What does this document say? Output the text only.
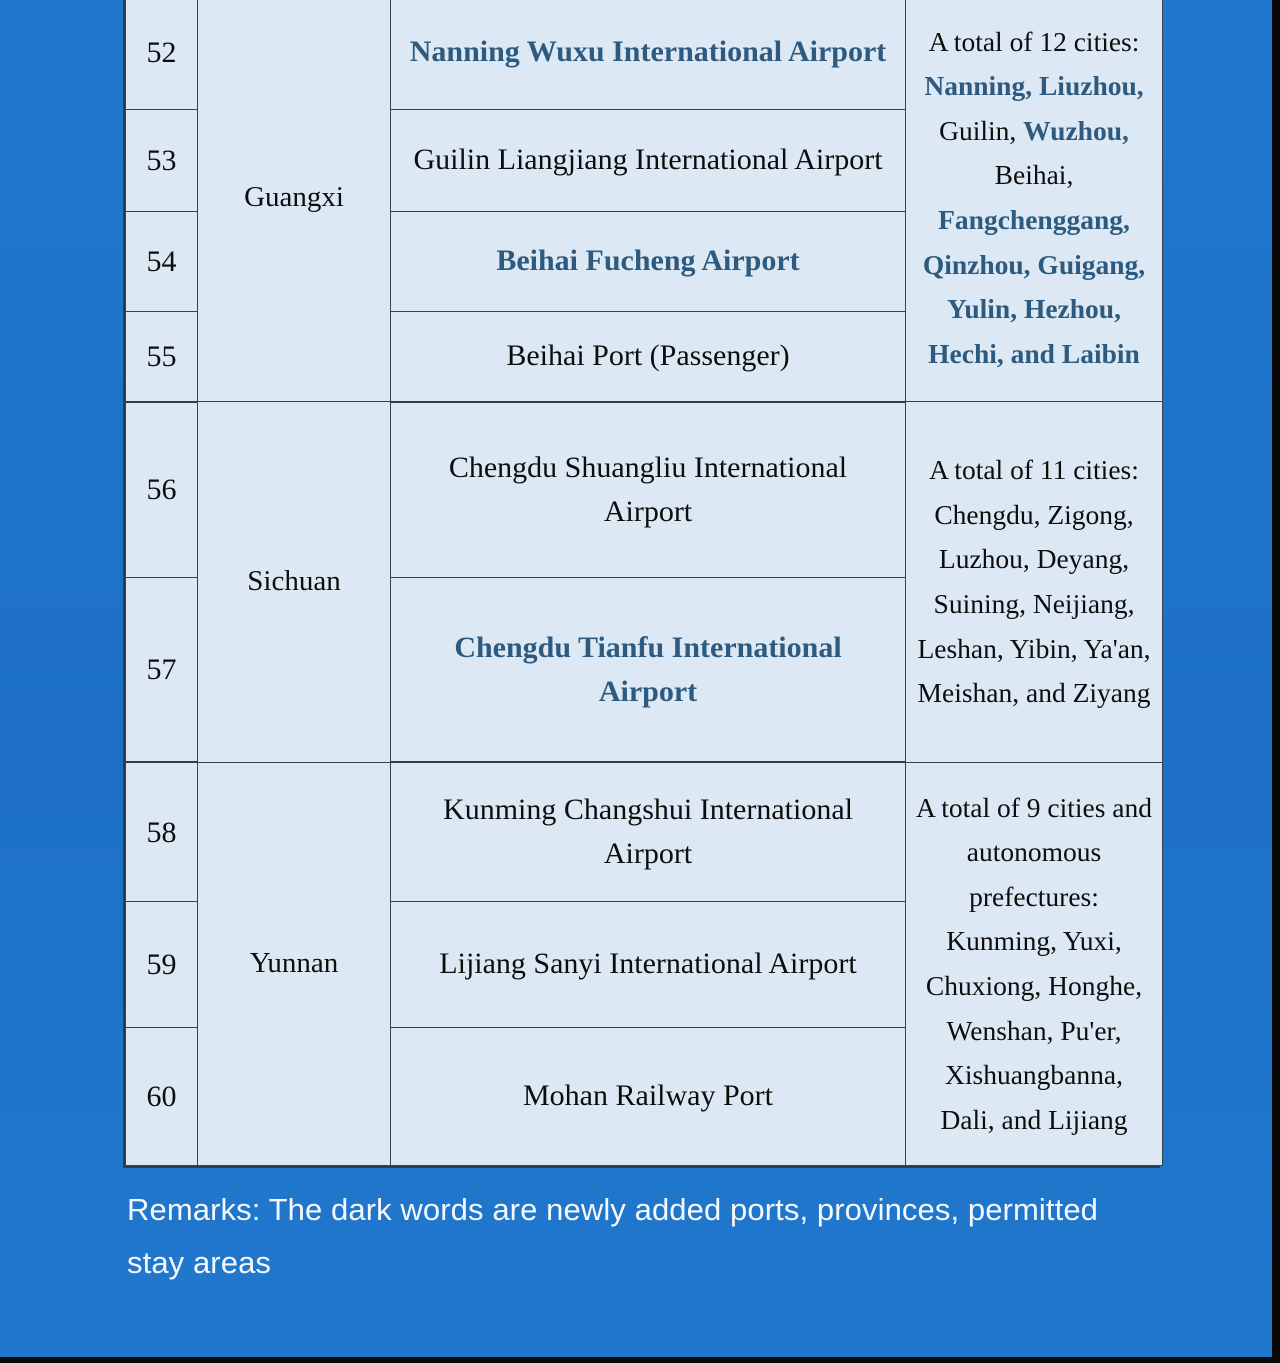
52	Guangxi	Nanning Wuxu International Airport	A total of 12 cities: Nanning, Liuzhou, Guilin, Wuzhou, Beihai, Fangchenggang, Qinzhou, Guigang, Yulin, Hezhou, Hechi, and Laibin
53		Guilin Liangjiang International Airport	
54		Beihai Fucheng Airport	
55		Beihai Port (Passenger)	
56	Sichuan	Chengdu Shuangliu International Airport	A total of 11 cities: Chengdu, Zigong, Luzhou, Deyang, Suining, Neijiang, Leshan, Yibin, Ya'an, Meishan, and Ziyang
57		Chengdu Tianfu International Airport	
58	Yunnan	Kunming Changshui International Airport	A total of 9 cities and autonomous prefectures: Kunming, Yuxi, Chuxiong, Honghe, Wenshan, Pu'er, Xishuangbanna, Dali, and Lijiang
59		Lijiang Sanyi International Airport	
60		Mohan Railway Port	
Remarks: The dark words are newly added ports, provinces, permitted stay areas
